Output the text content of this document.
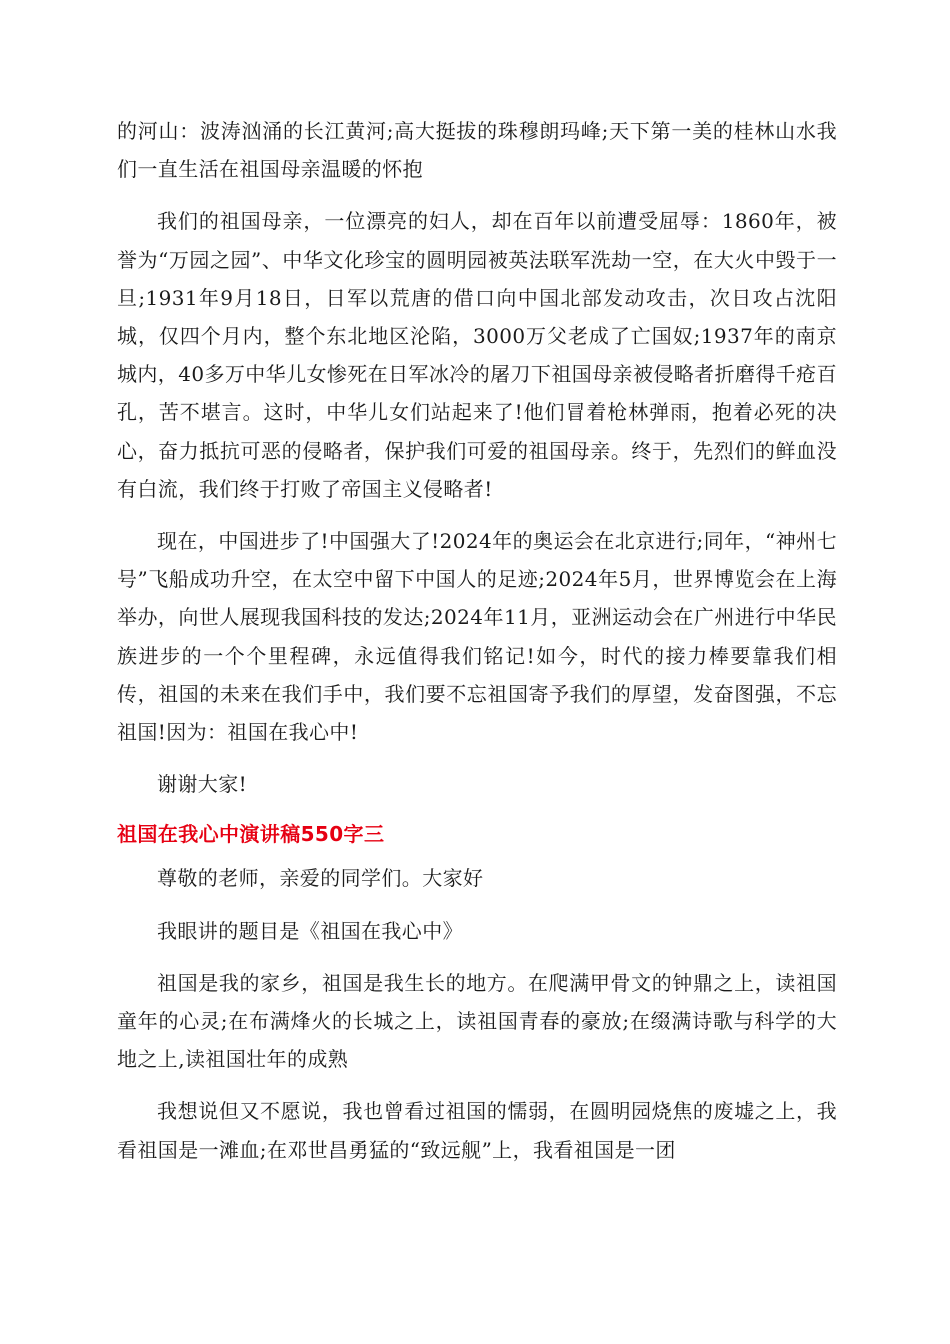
的河山：波涛汹涌的长江黄河;高大挺拔的珠穆朗玛峰;天下第一美的桂林山水我们一直生活在祖国母亲温暖的怀抱

我们的祖国母亲，一位漂亮的妇人，却在百年以前遭受屈辱：1860年，被誉为“万园之园”、中华文化珍宝的圆明园被英法联军洗劫一空，在大火中毁于一旦;1931年9月18日，日军以荒唐的借口向中国北部发动攻击，次日攻占沈阳城，仅四个月内，整个东北地区沦陷，3000万父老成了亡国奴;1937年的南京城内，40多万中华儿女惨死在日军冰冷的屠刀下祖国母亲被侵略者折磨得千疮百孔，苦不堪言。这时，中华儿女们站起来了!他们冒着枪林弹雨，抱着必死的决心，奋力抵抗可恶的侵略者，保护我们可爱的祖国母亲。终于，先烈们的鲜血没有白流，我们终于打败了帝国主义侵略者!

现在，中国进步了!中国强大了!2024年的奥运会在北京进行;同年，“神州七号”飞船成功升空，在太空中留下中国人的足迹;2024年5月，世界博览会在上海举办，向世人展现我国科技的发达;2024年11月，亚洲运动会在广州进行中华民族进步的一个个里程碑，永远值得我们铭记!如今，时代的接力棒要靠我们相传，祖国的未来在我们手中，我们要不忘祖国寄予我们的厚望，发奋图强，不忘祖国!因为：祖国在我心中!

谢谢大家!

祖国在我心中演讲稿550字三

尊敬的老师，亲爱的同学们。大家好

我眼讲的题目是《祖国在我心中》

祖国是我的家乡，祖国是我生长的地方。在爬满甲骨文的钟鼎之上，读祖国童年的心灵;在布满烽火的长城之上，读祖国青春的豪放;在缀满诗歌与科学的大地之上,读祖国壮年的成熟

我想说但又不愿说，我也曾看过祖国的懦弱，在圆明园烧焦的废墟之上，我看祖国是一滩血;在邓世昌勇猛的“致远舰”上，我看祖国是一团
